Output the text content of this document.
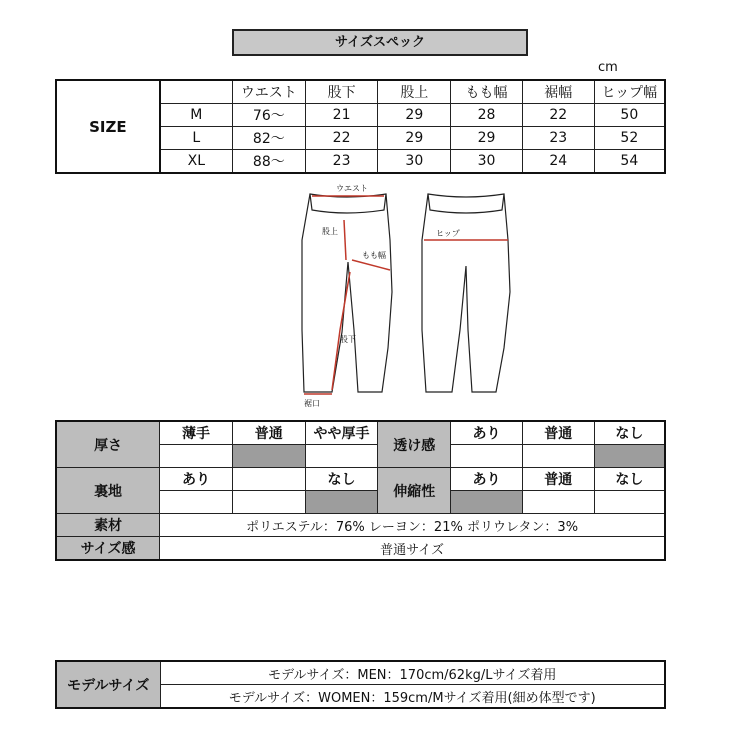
サイズスペック
cm
SIZE		ウエスト	股下	股上	もも幅	裾幅	ヒップ幅
	M	76〜	21	29	28	22	50
	L	82〜	22	29	29	23	52
	XL	88〜	23	30	30	24	54
ウエスト
股上
もも幅
股下
裾口
ヒップ
厚さ	薄手	普通	やや厚手	透け感	あり	普通	なし

裏地	あり		なし	伸縮性	あり	普通	なし

素材	ポリエステル：76% レーヨン：21% ポリウレタン：3%						
サイズ感	普通サイズ						
モデルサイズ	モデルサイズ：MEN：170cm/62kg/Lサイズ着用
モデルサイズ：WOMEN：159cm/Mサイズ着用(細め体型です)
